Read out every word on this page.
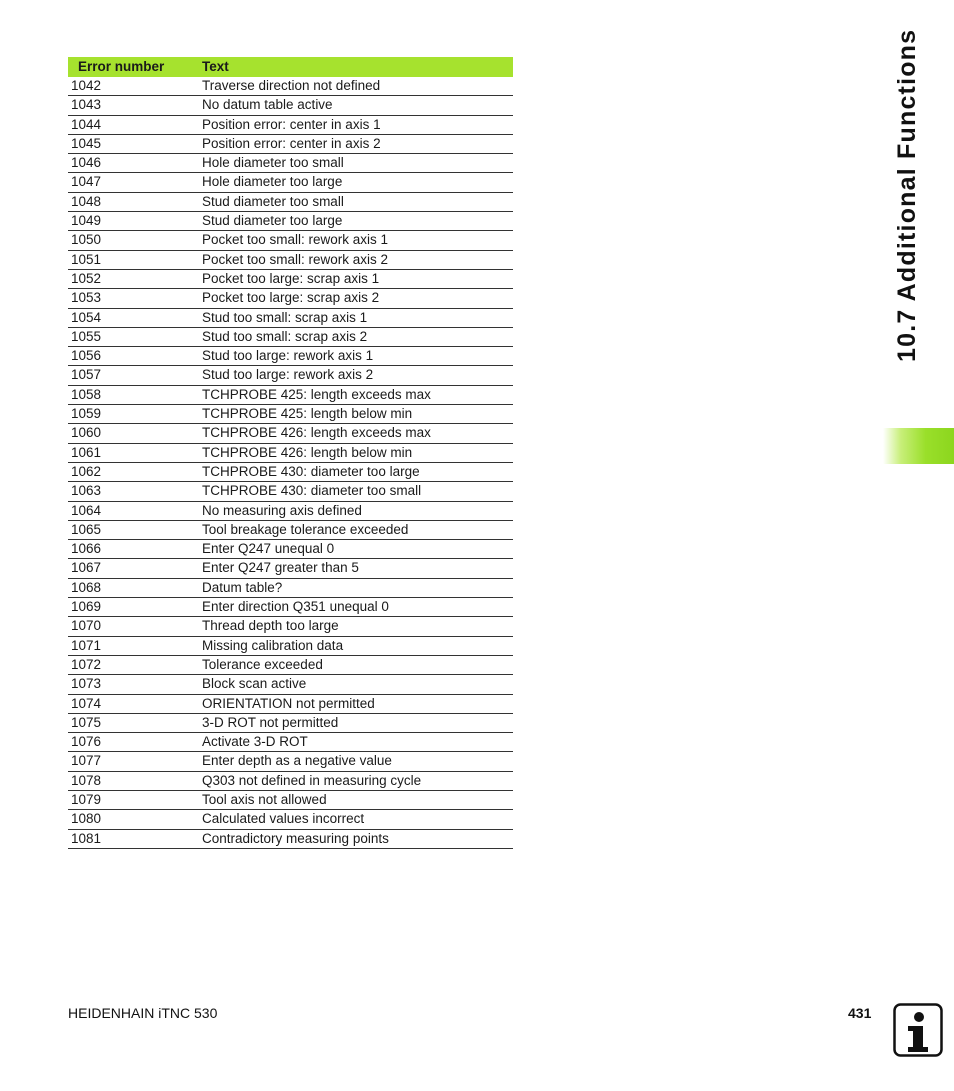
Error number	Text
1042	Traverse direction not defined
1043	No datum table active
1044	Position error: center in axis 1
1045	Position error: center in axis 2
1046	Hole diameter too small
1047	Hole diameter too large
1048	Stud diameter too small
1049	Stud diameter too large
1050	Pocket too small: rework axis 1
1051	Pocket too small: rework axis 2
1052	Pocket too large: scrap axis 1
1053	Pocket too large: scrap axis 2
1054	Stud too small: scrap axis 1
1055	Stud too small: scrap axis 2
1056	Stud too large: rework axis 1
1057	Stud too large: rework axis 2
1058	TCHPROBE 425: length exceeds max
1059	TCHPROBE 425: length below min
1060	TCHPROBE 426: length exceeds max
1061	TCHPROBE 426: length below min
1062	TCHPROBE 430: diameter too large
1063	TCHPROBE 430: diameter too small
1064	No measuring axis defined
1065	Tool breakage tolerance exceeded
1066	Enter Q247 unequal 0
1067	Enter Q247 greater than 5
1068	Datum table?
1069	Enter direction Q351 unequal 0
1070	Thread depth too large
1071	Missing calibration data
1072	Tolerance exceeded
1073	Block scan active
1074	ORIENTATION not permitted
1075	3-D ROT not permitted
1076	Activate 3-D ROT
1077	Enter depth as a negative value
1078	Q303 not defined in measuring cycle
1079	Tool axis not allowed
1080	Calculated values incorrect
1081	Contradictory measuring points
10.7 Additional Functions
HEIDENHAIN iTNC 530	431
